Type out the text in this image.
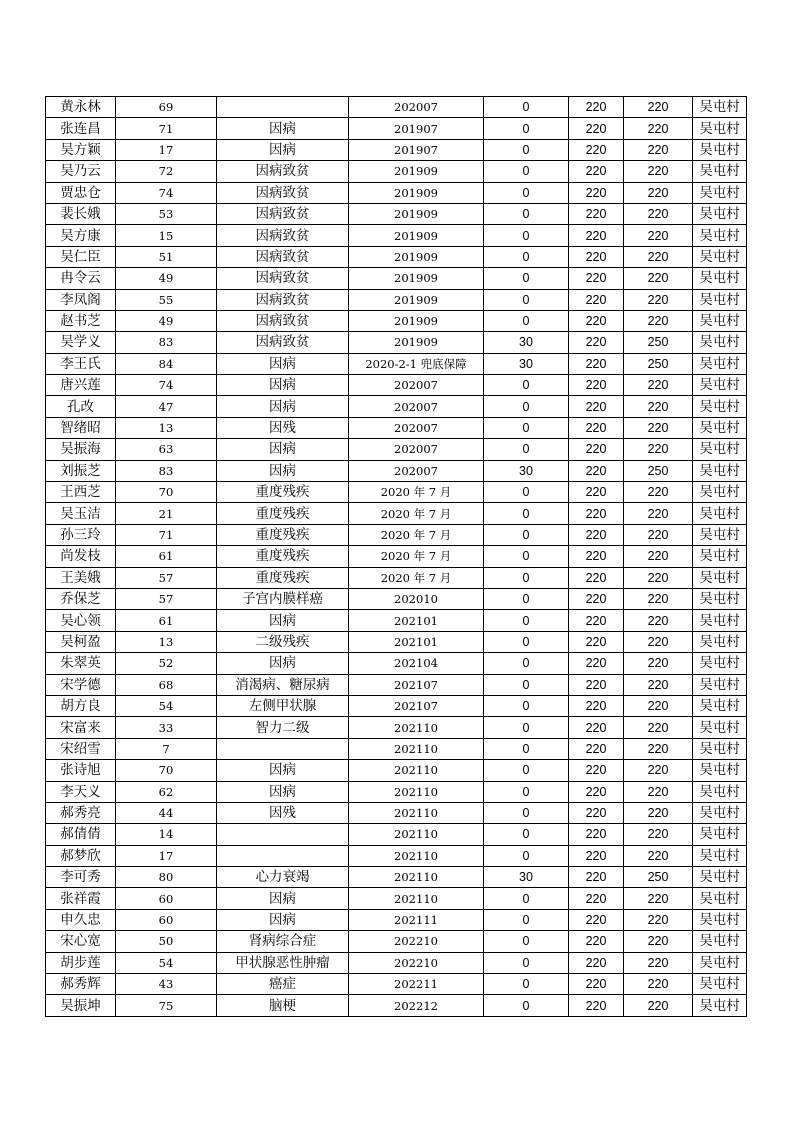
黄永林	69		202007	0	220	220	吴屯村
张连昌	71	因病	201907	0	220	220	吴屯村
吴方颖	17	因病	201907	0	220	220	吴屯村
吴乃云	72	因病致贫	201909	0	220	220	吴屯村
贾忠仓	74	因病致贫	201909	0	220	220	吴屯村
裴长娥	53	因病致贫	201909	0	220	220	吴屯村
吴方康	15	因病致贫	201909	0	220	220	吴屯村
吴仁臣	51	因病致贫	201909	0	220	220	吴屯村
冉令云	49	因病致贫	201909	0	220	220	吴屯村
李凤阁	55	因病致贫	201909	0	220	220	吴屯村
赵书芝	49	因病致贫	201909	0	220	220	吴屯村
吴学义	83	因病致贫	201909	30	220	250	吴屯村
李王氏	84	因病	2020-2-1 兜底保障	30	220	250	吴屯村
唐兴莲	74	因病	202007	0	220	220	吴屯村
孔改	47	因病	202007	0	220	220	吴屯村
智绪昭	13	因残	202007	0	220	220	吴屯村
吴振海	63	因病	202007	0	220	220	吴屯村
刘振芝	83	因病	202007	30	220	250	吴屯村
王西芝	70	重度残疾	2020 年 7 月	0	220	220	吴屯村
吴玉洁	21	重度残疾	2020 年 7 月	0	220	220	吴屯村
孙三玲	71	重度残疾	2020 年 7 月	0	220	220	吴屯村
尚发枝	61	重度残疾	2020 年 7 月	0	220	220	吴屯村
王美娥	57	重度残疾	2020 年 7 月	0	220	220	吴屯村
乔保芝	57	子宫内膜样癌	202010	0	220	220	吴屯村
吴心领	61	因病	202101	0	220	220	吴屯村
吴柯盈	13	二级残疾	202101	0	220	220	吴屯村
朱翠英	52	因病	202104	0	220	220	吴屯村
宋学德	68	消渴病、糖尿病	202107	0	220	220	吴屯村
胡方良	54	左侧甲状腺	202107	0	220	220	吴屯村
宋富来	33	智力二级	202110	0	220	220	吴屯村
宋绍雪	7		202110	0	220	220	吴屯村
张诗旭	70	因病	202110	0	220	220	吴屯村
李天义	62	因病	202110	0	220	220	吴屯村
郝秀亮	44	因残	202110	0	220	220	吴屯村
郝倩倩	14		202110	0	220	220	吴屯村
郝梦欣	17		202110	0	220	220	吴屯村
李可秀	80	心力衰竭	202110	30	220	250	吴屯村
张祥霞	60	因病	202110	0	220	220	吴屯村
申久忠	60	因病	202111	0	220	220	吴屯村
宋心宽	50	肾病综合症	202210	0	220	220	吴屯村
胡步莲	54	甲状腺恶性肿瘤	202210	0	220	220	吴屯村
郝秀辉	43	癌症	202211	0	220	220	吴屯村
吴振坤	75	脑梗	202212	0	220	220	吴屯村
